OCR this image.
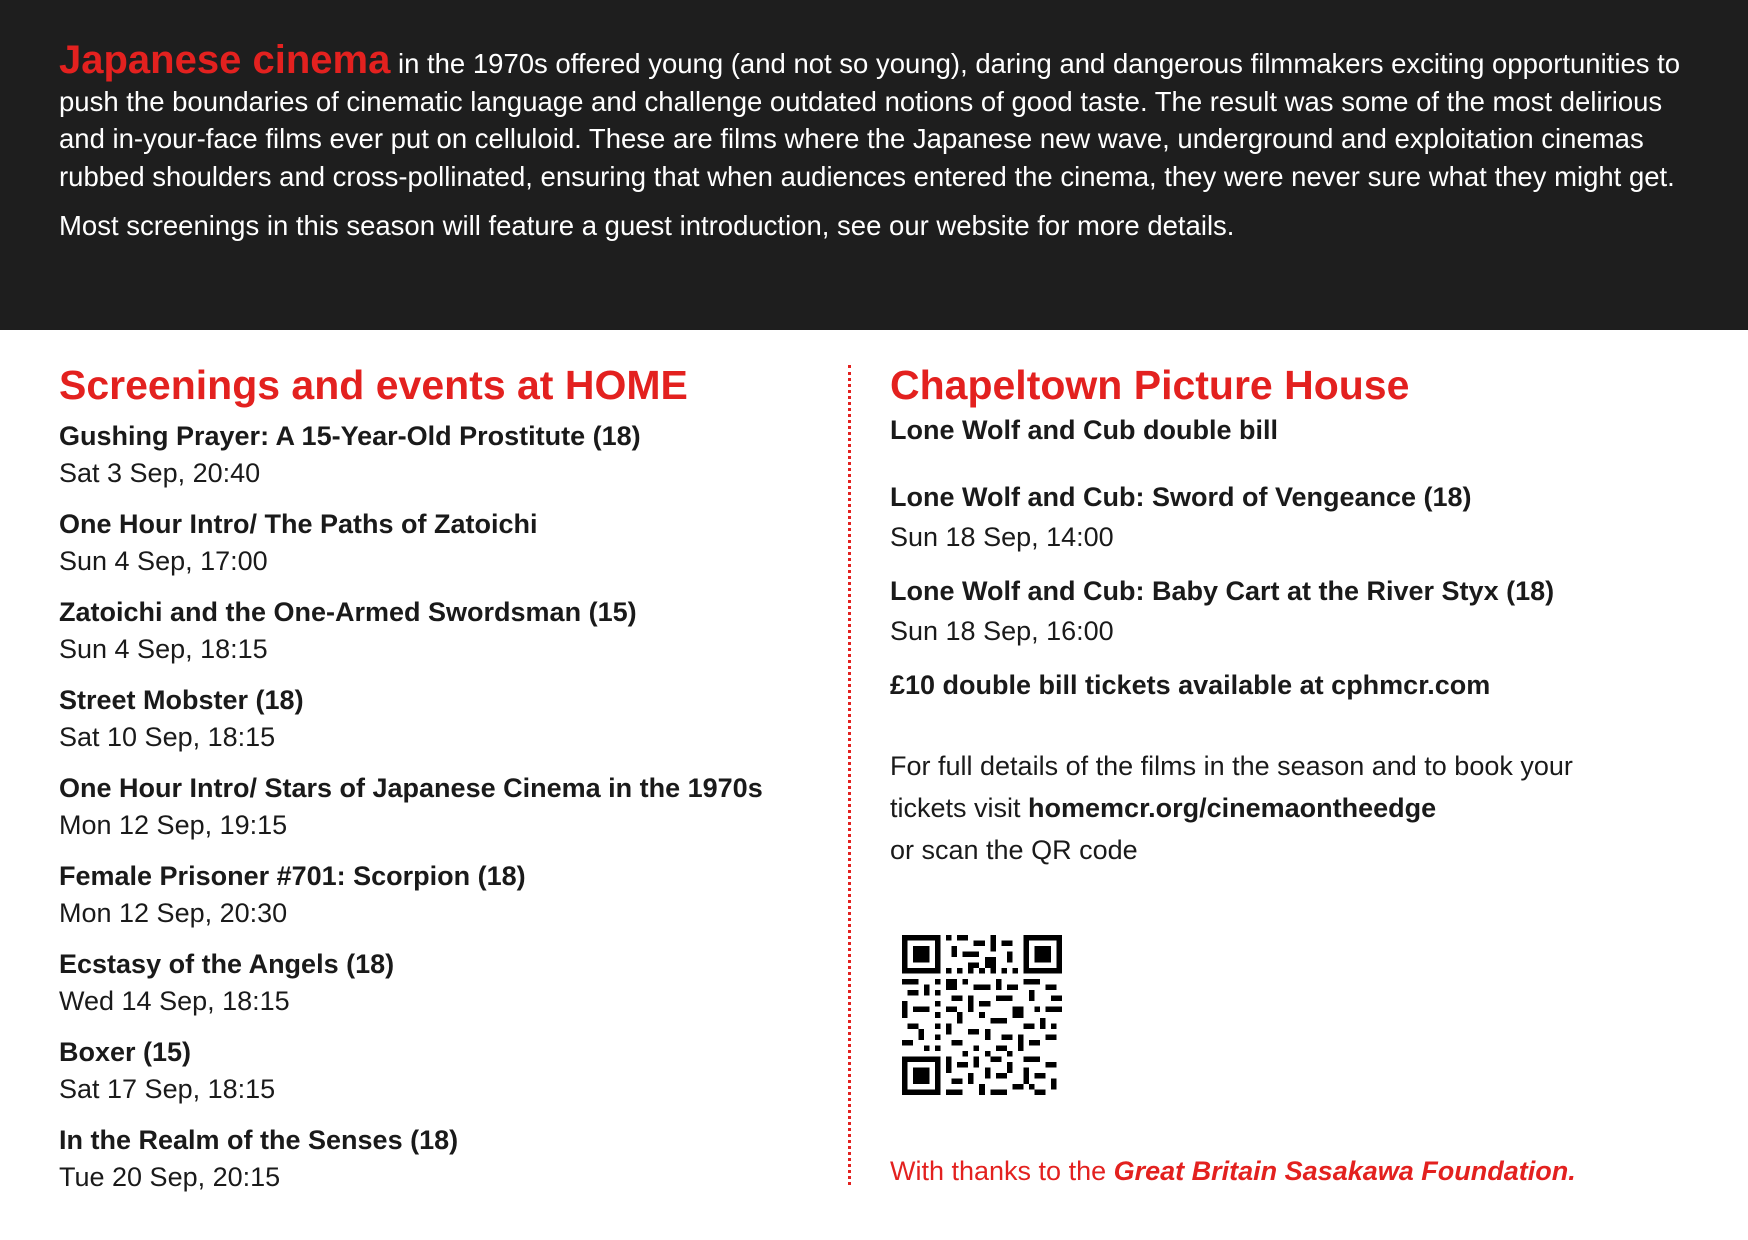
Japanese cinema in the 1970s offered young (and not so young), daring and dangerous filmmakers exciting opportunities to push the boundaries of cinematic language and challenge outdated notions of good taste. The result was some of the most delirious and in-your-face films ever put on celluloid. These are films where the Japanese new wave, underground and exploitation cinemas rubbed shoulders and cross-pollinated, ensuring that when audiences entered the cinema, they were never sure what they might get.

Most screenings in this season will feature a guest introduction, see our website for more details.

Screenings and events at HOME
Gushing Prayer: A 15-Year-Old Prostitute (18)
Sat 3 Sep, 20:40
One Hour Intro/ The Paths of Zatoichi
Sun 4 Sep, 17:00
Zatoichi and the One-Armed Swordsman (15)
Sun 4 Sep, 18:15
Street Mobster (18)
Sat 10 Sep, 18:15
One Hour Intro/ Stars of Japanese Cinema in the 1970s
Mon 12 Sep, 19:15
Female Prisoner #701: Scorpion (18)
Mon 12 Sep, 20:30
Ecstasy of the Angels (18)
Wed 14 Sep, 18:15
Boxer (15)
Sat 17 Sep, 18:15
In the Realm of the Senses (18)
Tue 20 Sep, 20:15
Chapeltown Picture House
Lone Wolf and Cub double bill
Lone Wolf and Cub: Sword of Vengeance (18)
Sun 18 Sep, 14:00
Lone Wolf and Cub: Baby Cart at the River Styx (18)
Sun 18 Sep, 16:00
£10 double bill tickets available at cphmcr.com
For full details of the films in the season and to book your
tickets visit homemcr.org/cinemaontheedge
or scan the QR code
With thanks to the Great Britain Sasakawa Foundation.
